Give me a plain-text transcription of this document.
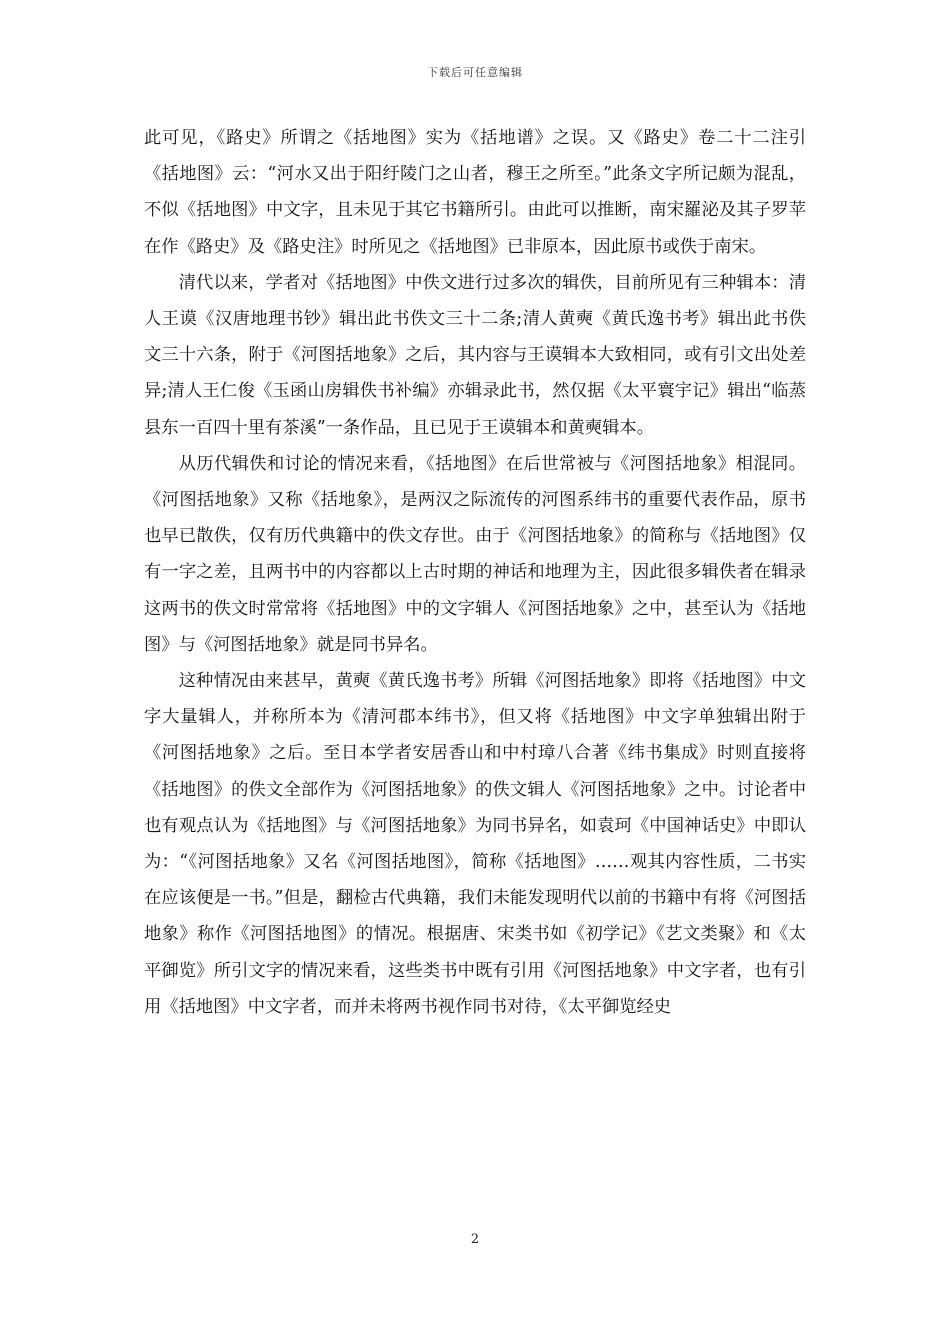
下载后可任意编辑

此可见，《路史》所谓之《括地图》实为《括地谱》之误。又《路史》卷二十二注引《括地图》云：“河水又出于阳纡陵门之山者，穆王之所至。”此条文字所记颇为混乱，不似《括地图》中文字，且未见于其它书籍所引。由此可以推断，南宋羅泌及其子罗苹在作《路史》及《路史注》时所见之《括地图》已非原本，因此原书或佚于南宋。

清代以来，学者对《括地图》中佚文进行过多次的辑佚，目前所见有三种辑本：清人王谟《汉唐地理书钞》辑出此书佚文三十二条;清人黄奭《黄氏逸书考》辑出此书佚文三十六条，附于《河图括地象》之后，其内容与王谟辑本大致相同，或有引文出处差异;清人王仁俊《玉函山房辑佚书补编》亦辑录此书，然仅据《太平寰宇记》辑出“临蒸县东一百四十里有茶溪”一条作品，且已见于王谟辑本和黄奭辑本。

从历代辑佚和讨论的情况来看，《括地图》在后世常被与《河图括地象》相混同。《河图括地象》又称《括地象》，是两汉之际流传的河图系纬书的重要代表作品，原书也早已散佚，仅有历代典籍中的佚文存世。由于《河图括地象》的简称与《括地图》仅有一字之差，且两书中的内容都以上古时期的神话和地理为主，因此很多辑佚者在辑录这两书的佚文时常常将《括地图》中的文字辑人《河图括地象》之中，甚至认为《括地图》与《河图括地象》就是同书异名。

这种情况由来甚早，黄奭《黄氏逸书考》所辑《河图括地象》即将《括地图》中文字大量辑人，并称所本为《清河郡本纬书》，但又将《括地图》中文字单独辑出附于《河图括地象》之后。至日本学者安居香山和中村璋八合著《纬书集成》时则直接将《括地图》的佚文全部作为《河图括地象》的佚文辑人《河图括地象》之中。讨论者中也有观点认为《括地图》与《河图括地象》为同书异名，如袁珂《中国神话史》中即认为：“《河图括地象》又名《河图括地图》，简称《括地图》……观其内容性质，二书实在应该便是一书。”但是，翻检古代典籍，我们未能发现明代以前的书籍中有将《河图括地象》称作《河图括地图》的情况。根据唐、宋类书如《初学记》《艺文类聚》和《太平御览》所引文字的情况来看，这些类书中既有引用《河图括地象》中文字者，也有引用《括地图》中文字者，而并未将两书视作同书对待，《太平御览经史

2
